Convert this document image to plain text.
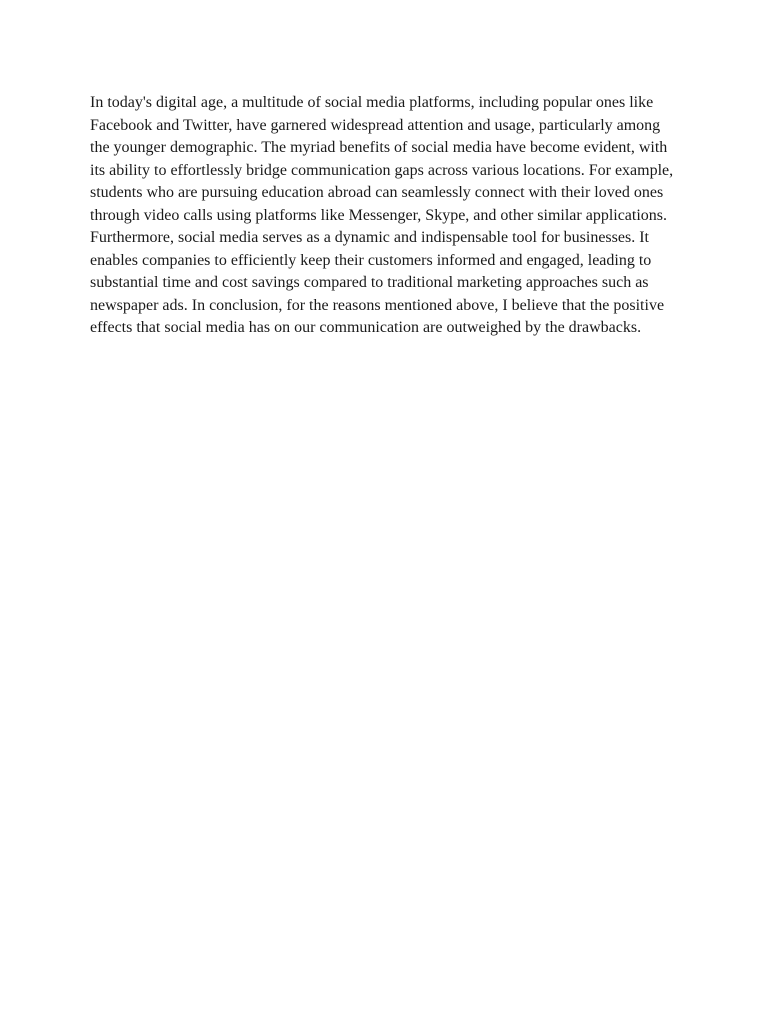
In today's digital age, a multitude of social media platforms, including popular ones like Facebook and Twitter, have garnered widespread attention and usage, particularly among the younger demographic. The myriad benefits of social media have become evident, with its ability to effortlessly bridge communication gaps across various locations. For example, students who are pursuing education abroad can seamlessly connect with their loved ones through video calls using platforms like Messenger, Skype, and other similar applications. Furthermore, social media serves as a dynamic and indispensable tool for businesses. It enables companies to efficiently keep their customers informed and engaged, leading to substantial time and cost savings compared to traditional marketing approaches such as newspaper ads. In conclusion, for the reasons mentioned above, I believe that the positive effects that social media has on our communication are outweighed by the drawbacks.
